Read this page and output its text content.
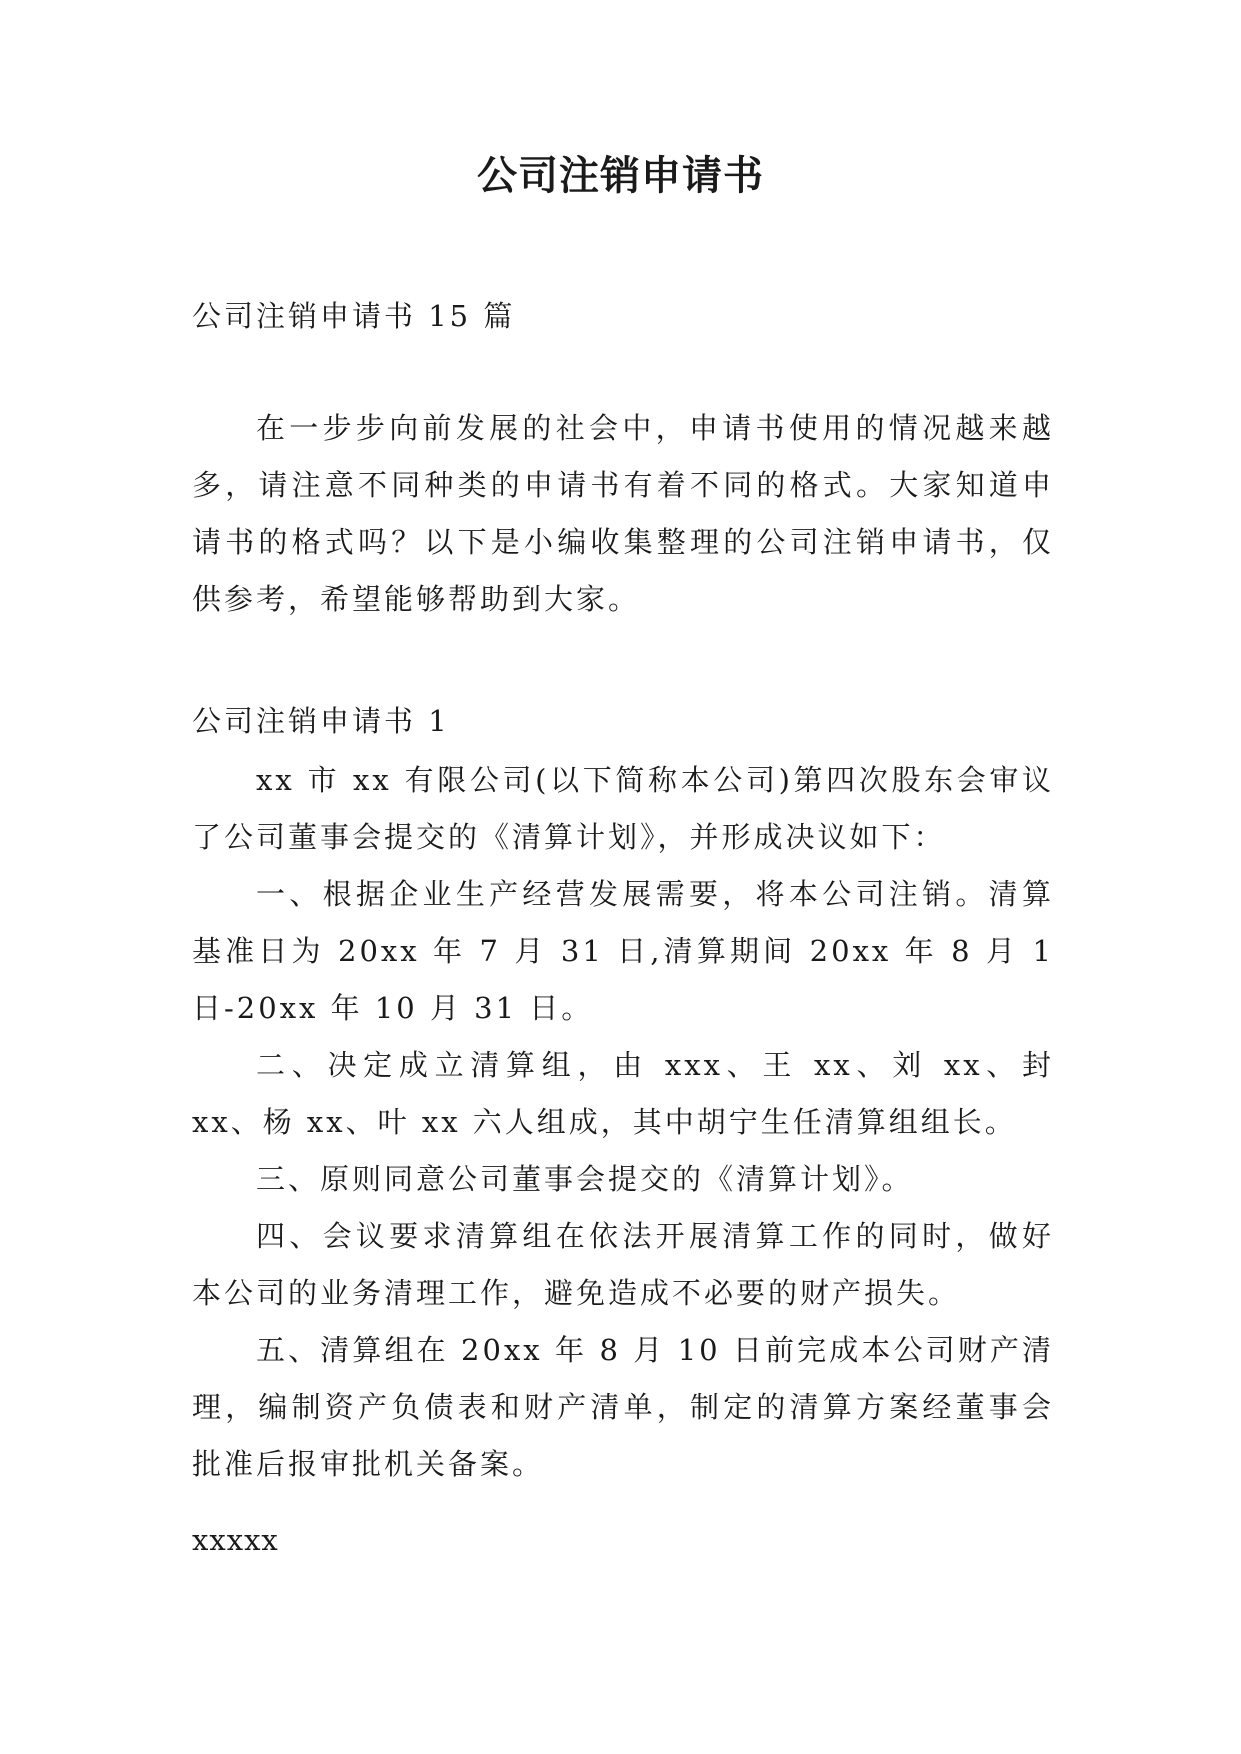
公司注销申请书

公司注销申请书 15 篇

在一步步向前发展的社会中，申请书使用的情况越来越多，请注意不同种类的申请书有着不同的格式。大家知道申请书的格式吗？以下是小编收集整理的公司注销申请书，仅供参考，希望能够帮助到大家。

公司注销申请书 1

xx 市 xx 有限公司(以下简称本公司)第四次股东会审议了公司董事会提交的《清算计划》，并形成决议如下：

一、根据企业生产经营发展需要，将本公司注销。清算基准日为 20xx 年 7 月 31 日,清算期间 20xx 年 8 月 1 日-20xx 年 10 月 31 日。

二、决定成立清算组，由 xxx、王 xx、刘 xx、封 xx、杨 xx、叶 xx 六人组成，其中胡宁生任清算组组长。

三、原则同意公司董事会提交的《清算计划》。

四、会议要求清算组在依法开展清算工作的同时，做好本公司的业务清理工作，避免造成不必要的财产损失。

五、清算组在 20xx 年 8 月 10 日前完成本公司财产清理，编制资产负债表和财产清单，制定的清算方案经董事会批准后报审批机关备案。

xxxxx
